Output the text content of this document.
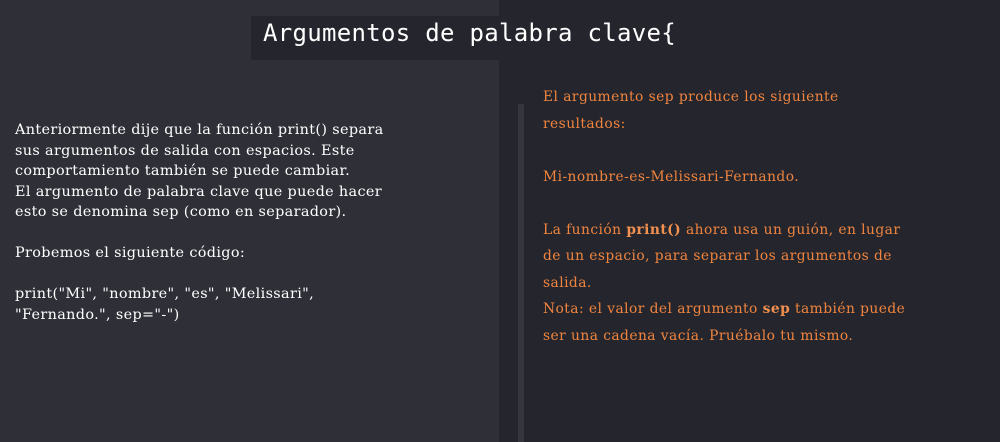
Argumentos de palabra clave{

Anteriormente dije que la función print() separa

sus argumentos de salida con espacios. Este

comportamiento también se puede cambiar.

El argumento de palabra clave que puede hacer

esto se denomina sep (como en separador).

Probemos el siguiente código:

print("Mi", "nombre", "es", "Melissari",

"Fernando.", sep="-")

El argumento sep produce los siguiente

resultados:

Mi-nombre-es-Melissari-Fernando.

La función print() ahora usa un guión, en lugar

de un espacio, para separar los argumentos de

salida.

Nota: el valor del argumento sep también puede

ser una cadena vacía. Pruébalo tu mismo.
